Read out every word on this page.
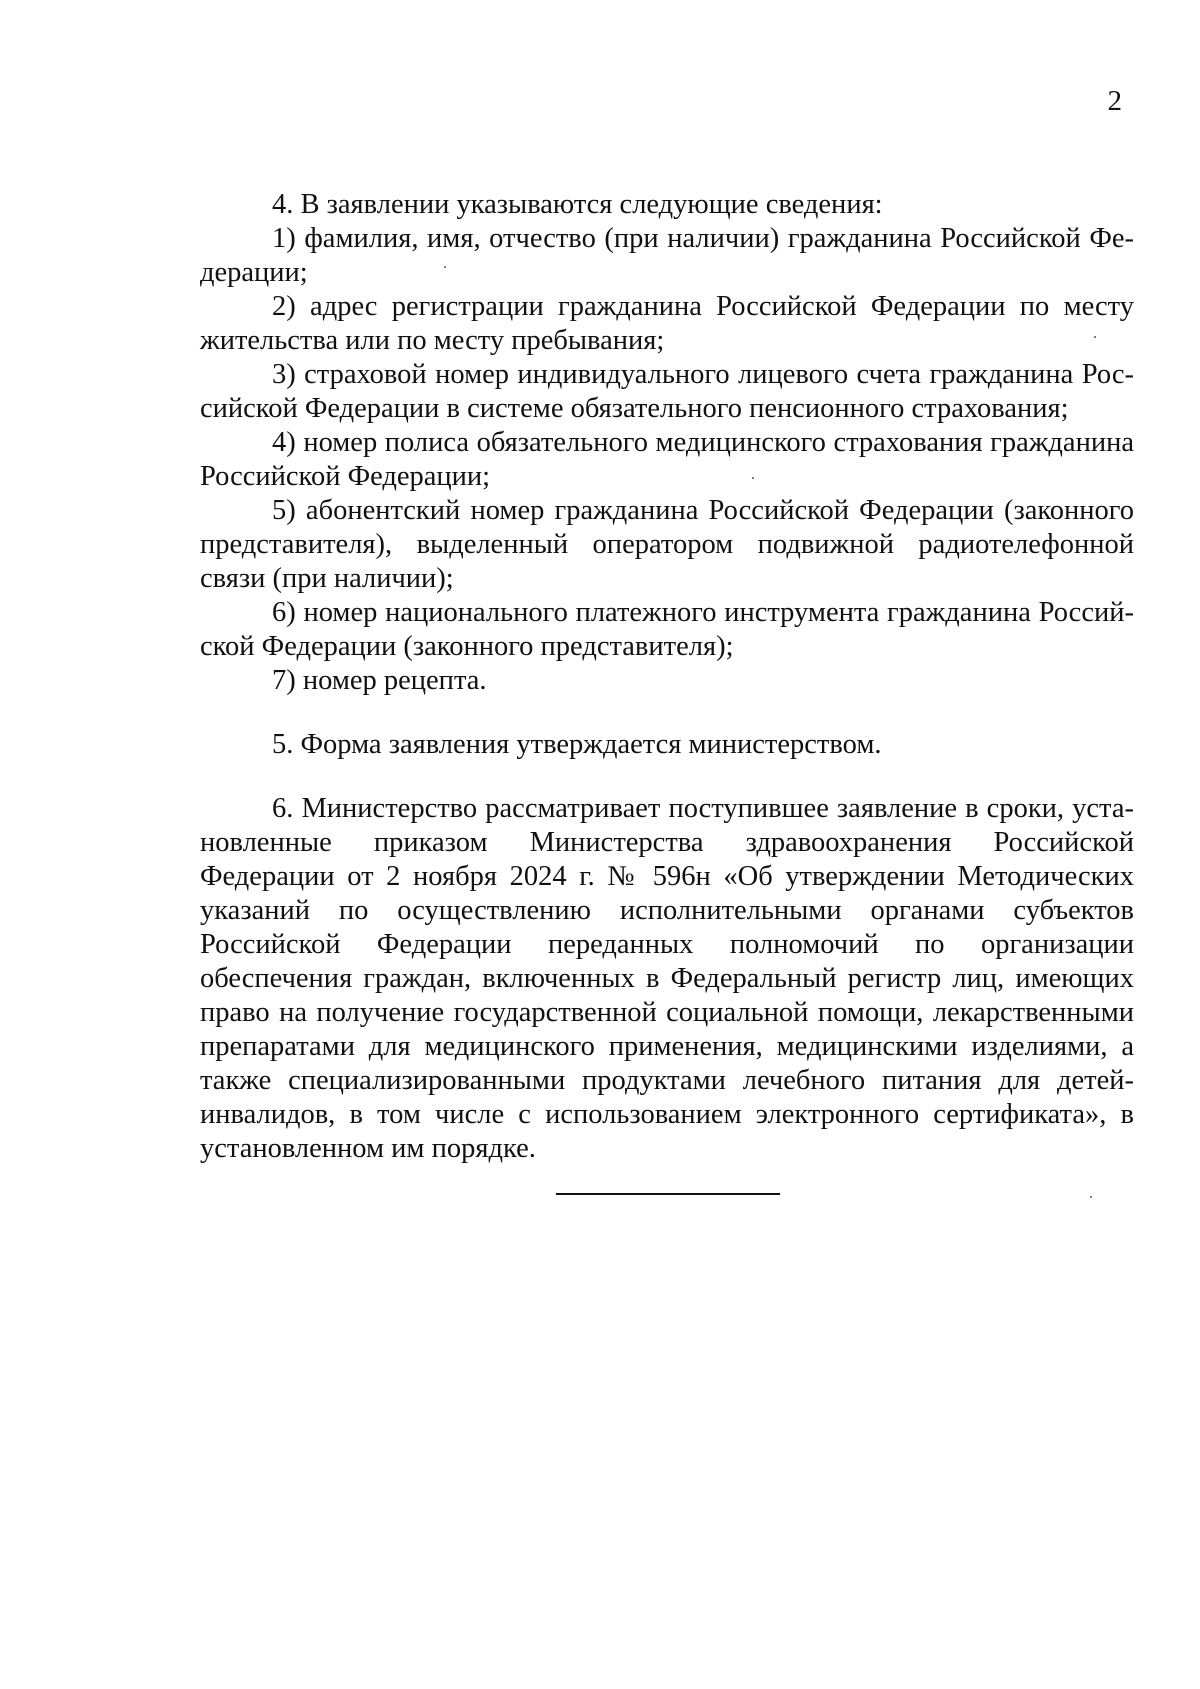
2

4. В заявлении указываются следующие сведения:

1) фамилия, имя, отчество (при наличии) гражданина Российской Федерации;

2) адрес регистрации гражданина Российской Федерации по месту жительства или по месту пребывания;

3) страховой номер индивидуального лицевого счета гражданина Российской Федерации в системе обязательного пенсионного страхования;

4) номер полиса обязательного медицинского страхования гражданина Российской Федерации;

5) абонентский номер гражданина Российской Федерации (законного представителя), выделенный оператором подвижной радиотелефонной связи (при наличии);

6) номер национального платежного инструмента гражданина Российской Федерации (законного представителя);

7) номер рецепта.

5. Форма заявления утверждается министерством.

6. Министерство рассматривает поступившее заявление в сроки, установленные приказом Министерства здравоохранения Российской Федерации от 2 ноября 2024 г. № 596н «Об утверждении Методических указаний по осуществлению исполнительными органами субъектов Российской Федерации переданных полномочий по организации обеспечения граждан, включенных в Федеральный регистр лиц, имеющих право на получение государственной социальной помощи, лекарственными препаратами для медицинского применения, медицинскими изделиями, а также специализированными продуктами лечебного питания для детей-инвалидов, в том числе с использованием электронного сертификата», в установленном им порядке.
